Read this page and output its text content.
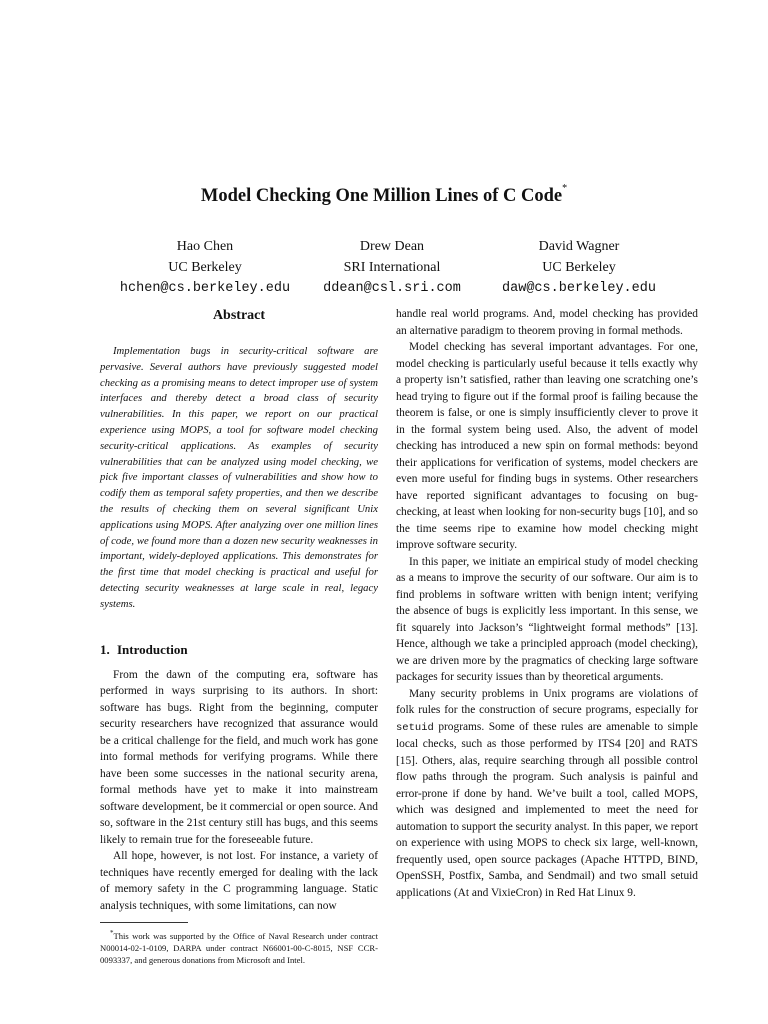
Model Checking One Million Lines of C Code*
Hao Chen
UC Berkeley
hchen@cs.berkeley.edu
Drew Dean
SRI International
ddean@csl.sri.com
David Wagner
UC Berkeley
daw@cs.berkeley.edu
Abstract

Implementation bugs in security-critical software are pervasive. Several authors have previously suggested model checking as a promising means to detect improper use of system interfaces and thereby detect a broad class of security vulnerabilities. In this paper, we report on our practical experience using MOPS, a tool for software model checking security-critical applications. As examples of security vulnerabilities that can be analyzed using model checking, we pick five important classes of vulnerabilities and show how to codify them as temporal safety properties, and then we describe the results of checking them on several significant Unix applications using MOPS. After analyzing over one million lines of code, we found more than a dozen new security weaknesses in important, widely-deployed applications. This demonstrates for the first time that model checking is practical and useful for detecting security weaknesses at large scale in real, legacy systems.

1. Introduction

From the dawn of the computing era, software has performed in ways surprising to its authors. In short: software has bugs. Right from the beginning, computer security researchers have recognized that assurance would be a critical challenge for the field, and much work has gone into formal methods for verifying programs. While there have been some successes in the national security arena, formal methods have yet to make it into mainstream software development, be it commercial or open source. And so, software in the 21st century still has bugs, and this seems likely to remain true for the foreseeable future.

All hope, however, is not lost. For instance, a variety of techniques have recently emerged for dealing with the lack of memory safety in the C programming language. Static analysis techniques, with some limitations, can now

*This work was supported by the Office of Naval Research under contract N00014-02-1-0109, DARPA under contract N66001-00-C-8015, NSF CCR-0093337, and generous donations from Microsoft and Intel.

handle real world programs. And, model checking has provided an alternative paradigm to theorem proving in formal methods.

Model checking has several important advantages. For one, model checking is particularly useful because it tells exactly why a property isn’t satisfied, rather than leaving one scratching one’s head trying to figure out if the formal proof is failing because the theorem is false, or one is simply insufficiently clever to prove it in the formal system being used. Also, the advent of model checking has introduced a new spin on formal methods: beyond their applications for verification of systems, model checkers are even more useful for finding bugs in systems. Other researchers have reported significant advantages to focusing on bug-checking, at least when looking for non-security bugs [10], and so the time seems ripe to examine how model checking might improve software security.

In this paper, we initiate an empirical study of model checking as a means to improve the security of our software. Our aim is to find problems in software written with benign intent; verifying the absence of bugs is explicitly less important. In this sense, we fit squarely into Jackson’s “lightweight formal methods” [13]. Hence, although we take a principled approach (model checking), we are driven more by the pragmatics of checking large software packages for security issues than by theoretical arguments.

Many security problems in Unix programs are violations of folk rules for the construction of secure programs, especially for setuid programs. Some of these rules are amenable to simple local checks, such as those performed by ITS4 [20] and RATS [15]. Others, alas, require searching through all possible control flow paths through the program. Such analysis is painful and error-prone if done by hand. We’ve built a tool, called MOPS, which was designed and implemented to meet the need for automation to support the security analyst. In this paper, we report on experience with using MOPS to check six large, well-known, frequently used, open source packages (Apache HTTPD, BIND, OpenSSH, Postfix, Samba, and Sendmail) and two small setuid applications (At and VixieCron) in Red Hat Linux 9.
